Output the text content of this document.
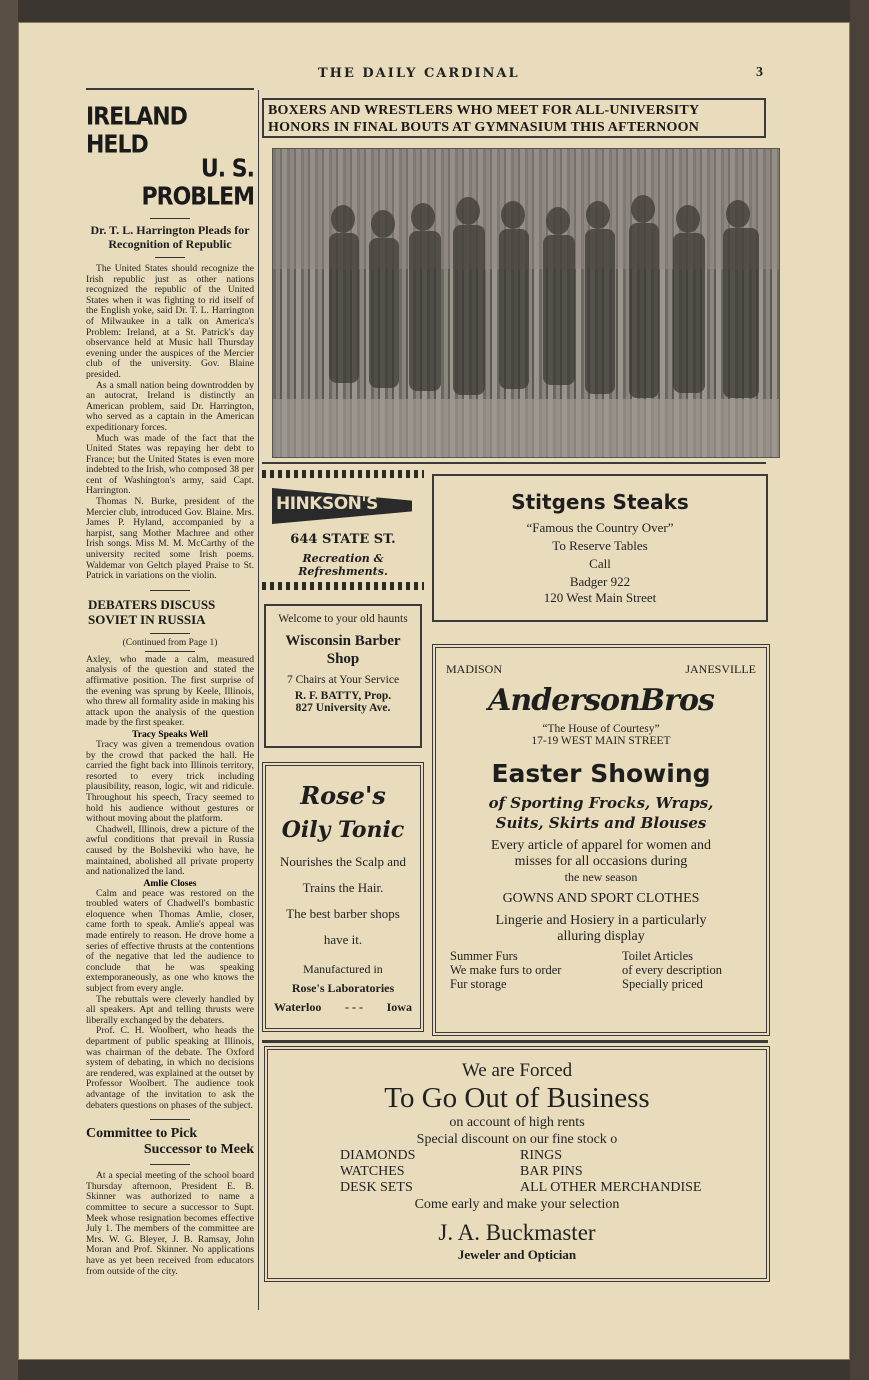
THE DAILY CARDINAL	3
IRELAND HELD
U. S. PROBLEM
Dr. T. L. Harrington Pleads for Recognition of Republic

The United States should recognize the Irish republic just as other nations recognized the republic of the United States when it was fighting to rid itself of the English yoke, said Dr. T. L. Harrington of Milwaukee in a talk on America's Problem: Ireland, at a St. Patrick's day observance held at Music hall Thursday evening under the auspices of the Mercier club of the university. Gov. Blaine presided.

As a small nation being downtrodden by an autocrat, Ireland is distinctly an American problem, said Dr. Harrington, who served as a captain in the American expeditionary forces.

Much was made of the fact that the United States was repaying her debt to France; but the United States is even more indebted to the Irish, who composed 38 per cent of Washington's army, said Capt. Harrington.

Thomas N. Burke, president of the Mercier club, introduced Gov. Blaine. Mrs. James P. Hyland, accompanied by a harpist, sang Mother Machree and other Irish songs. Miss M. M. McCarthy of the university recited some Irish poems. Waldemar von Geltch played Praise to St. Patrick in variations on the violin.

DEBATERS DISCUSS SOVIET IN RUSSIA
(Continued from Page 1)

Axley, who made a calm, measured analysis of the question and stated the affirmative position. The first surprise of the evening was sprung by Keele, Illinois, who threw all formality aside in making his attack upon the analysis of the question made by the first speaker.

Tracy Speaks Well

Tracy was given a tremendous ovation by the crowd that packed the hall. He carried the fight back into Illinois territory, resorted to every trick including plausibility, reason, logic, wit and ridicule. Throughout his speech, Tracy seemed to hold his audience without gestures or without moving about the platform.

Chadwell, Illinois, drew a picture of the awful conditions that prevail in Russia caused by the Bolsheviki who have, he maintained, abolished all private property and nationalized the land.

Amlie Closes

Calm and peace was restored on the troubled waters of Chadwell's bombastic eloquence when Thomas Amlie, closer, came forth to speak. Amlie's appeal was made entirely to reason. He drove home a series of effective thrusts at the contentions of the negative that led the audience to conclude that he was speaking extemporaneously, as one who knows the subject from every angle.

The rebuttals were cleverly handled by all speakers. Apt and telling thrusts were liberally exchanged by the debaters.

Prof. C. H. Woolbert, who heads the department of public speaking at Illinois, was chairman of the debate. The Oxford system of debating, in which no decisions are rendered, was explained at the outset by Professor Woolbert. The audience took advantage of the invitation to ask the debaters questions on phases of the subject.

Committee to Pick
Successor to Meek

At a special meeting of the school board Thursday afternoon, President E. B. Skinner was authorized to name a committee to secure a successor to Supt. Meek whose resignation becomes effective July 1. The members of the committee are Mrs. W. G. Bleyer, J. B. Ramsay, John Moran and Prof. Skinner. No applications have as yet been received from educators from outside of the city.

BOXERS AND WRESTLERS WHO MEET FOR ALL-UNIVERSITY
HONORS IN FINAL BOUTS AT GYMNASIUM THIS AFTERNOON
HINKSON'S
644 STATE ST.
Recreation & Refreshments.
Stitgens Steaks
“Famous the Country Over”
To Reserve Tables
Call
Badger 922
120 West Main Street
Welcome to your old haunts
Wisconsin Barber Shop
7 Chairs at Your Service
R. F. BATTY, Prop.
827 University Ave.
Rose's
Oily Tonic
Nourishes the Scalp and
Trains the Hair.
The best barber shops
have it.
Manufactured in
Rose's Laboratories
Waterloo - - - Iowa
MADISON	JANESVILLE
AndersonBros
“The House of Courtesy”
17-19 WEST MAIN STREET
Easter Showing
of Sporting Frocks, Wraps,
Suits, Skirts and Blouses
Every article of apparel for women and
misses for all occasions during
the new season
GOWNS AND SPORT CLOTHES
Lingerie and Hosiery in a particularly
alluring display
Summer Furs
We make furs to order
Fur storage
Toilet Articles
of every description
Specially priced
We are Forced
To Go Out of Business
on account of high rents
Special discount on our fine stock o
DIAMONDS
WATCHES
DESK SETS
RINGS
BAR PINS
ALL OTHER MERCHANDISE
Come early and make your selection
J. A. Buckmaster
Jeweler and Optician
